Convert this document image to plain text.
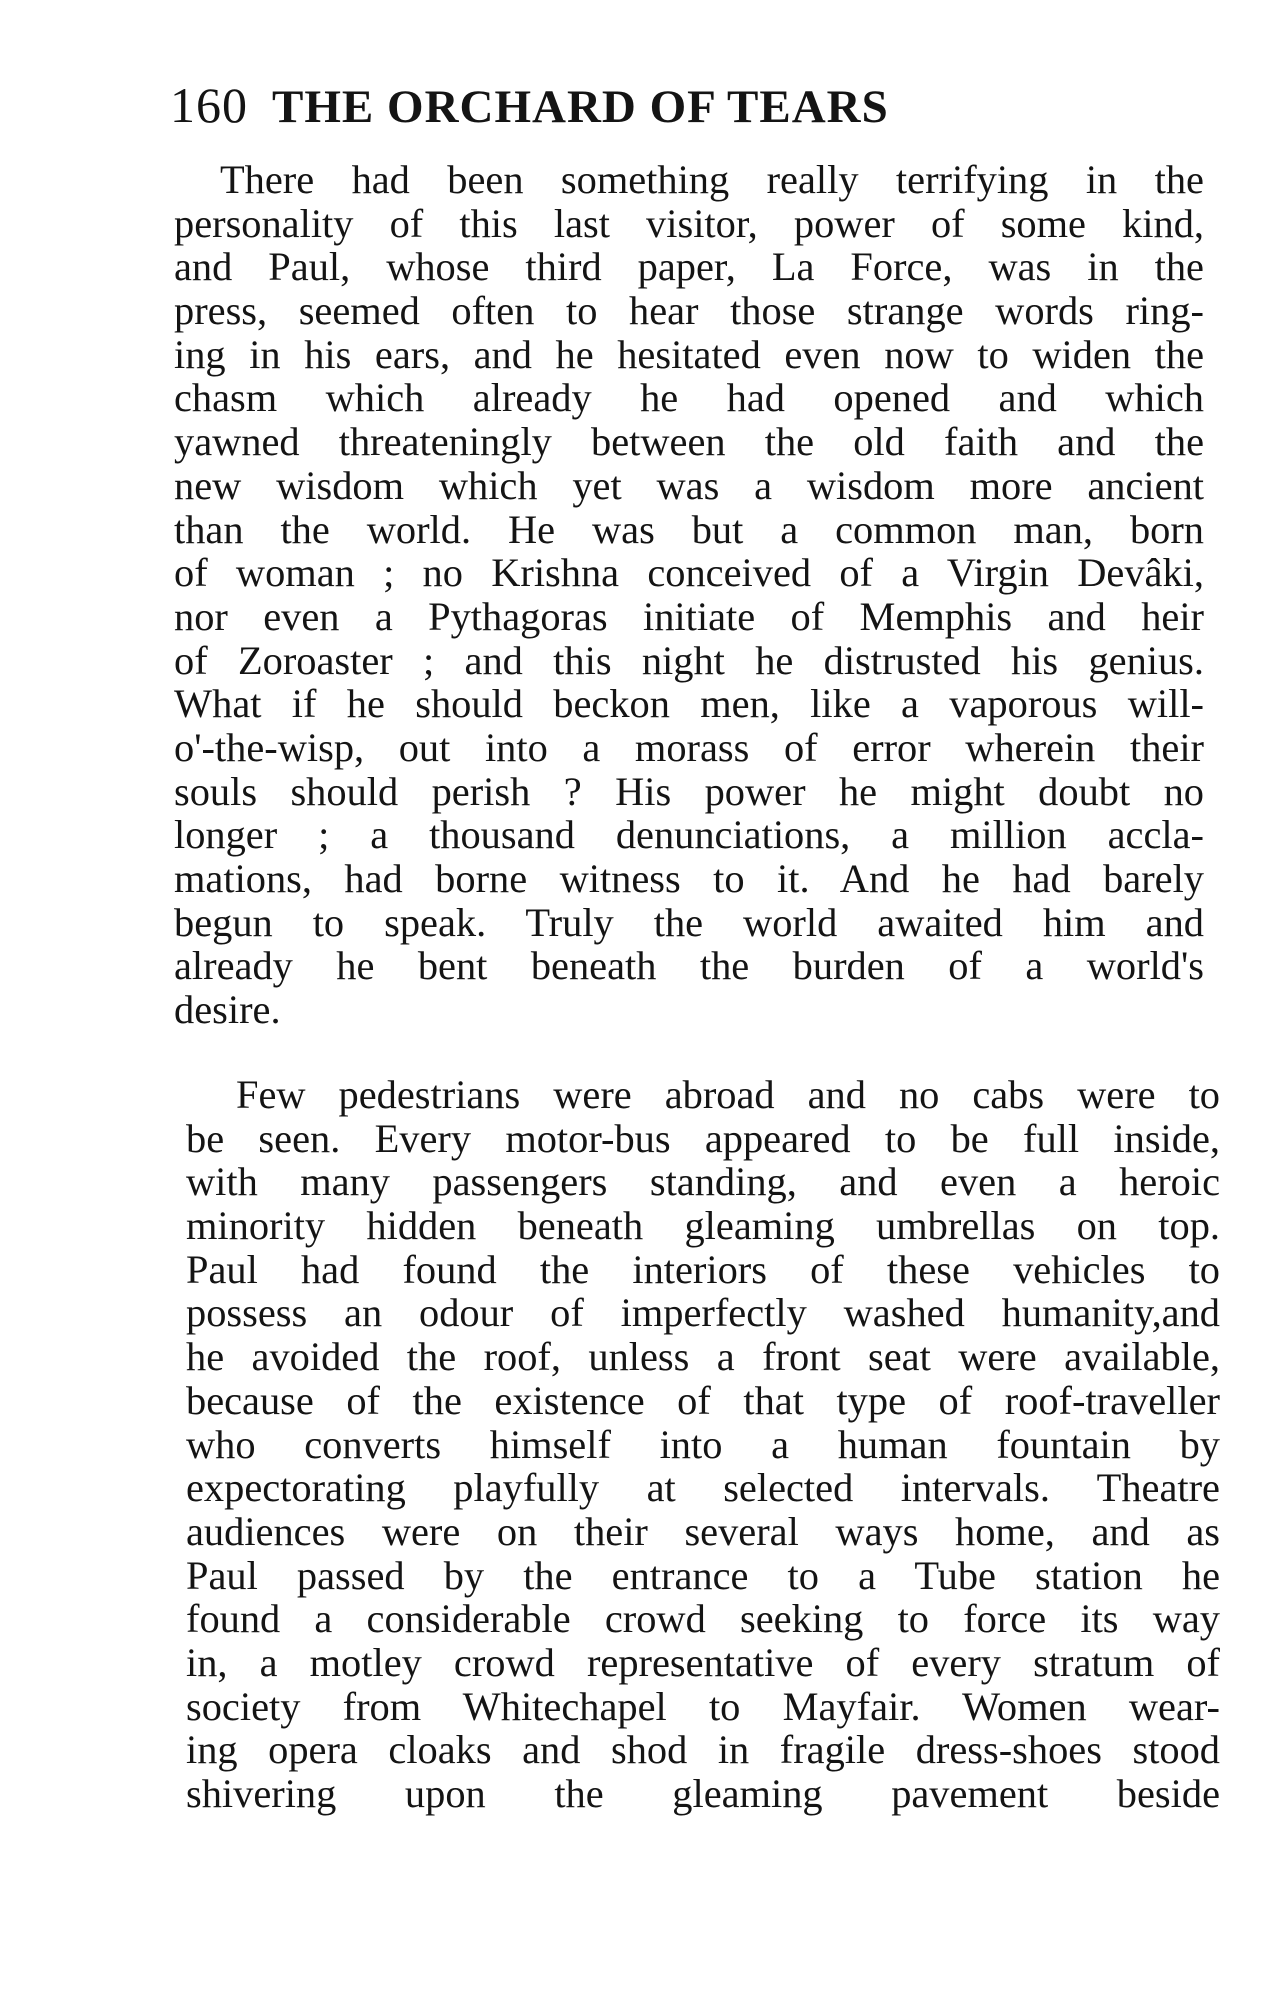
160 THE ORCHARD OF TEARS
There had been something really terrifying in the
personality of this last visitor, power of some kind,
and Paul, whose third paper, La Force, was in the
press, seemed often to hear those strange words ring-
ing in his ears, and he hesitated even now to widen the
chasm which already he had opened and which
yawned threateningly between the old faith and the
new wisdom which yet was a wisdom more ancient
than the world. He was but a common man, born
of woman ; no Krishna conceived of a Virgin Devâki,
nor even a Pythagoras initiate of Memphis and heir
of Zoroaster ; and this night he distrusted his genius.
What if he should beckon men, like a vaporous will-
o'-the-wisp, out into a morass of error wherein their
souls should perish ? His power he might doubt no
longer ; a thousand denunciations, a million accla-
mations, had borne witness to it. And he had barely
begun to speak. Truly the world awaited him and
already he bent beneath the burden of a world's
desire.
Few pedestrians were abroad and no cabs were to
be seen. Every motor-bus appeared to be full inside,
with many passengers standing, and even a heroic
minority hidden beneath gleaming umbrellas on top.
Paul had found the interiors of these vehicles to
possess an odour of imperfectly washed humanity,and
he avoided the roof, unless a front seat were available,
because of the existence of that type of roof-traveller
who converts himself into a human fountain by
expectorating playfully at selected intervals. Theatre
audiences were on their several ways home, and as
Paul passed by the entrance to a Tube station he
found a considerable crowd seeking to force its way
in, a motley crowd representative of every stratum of
society from Whitechapel to Mayfair. Women wear-
ing opera cloaks and shod in fragile dress-shoes stood
shivering upon the gleaming pavement beside
